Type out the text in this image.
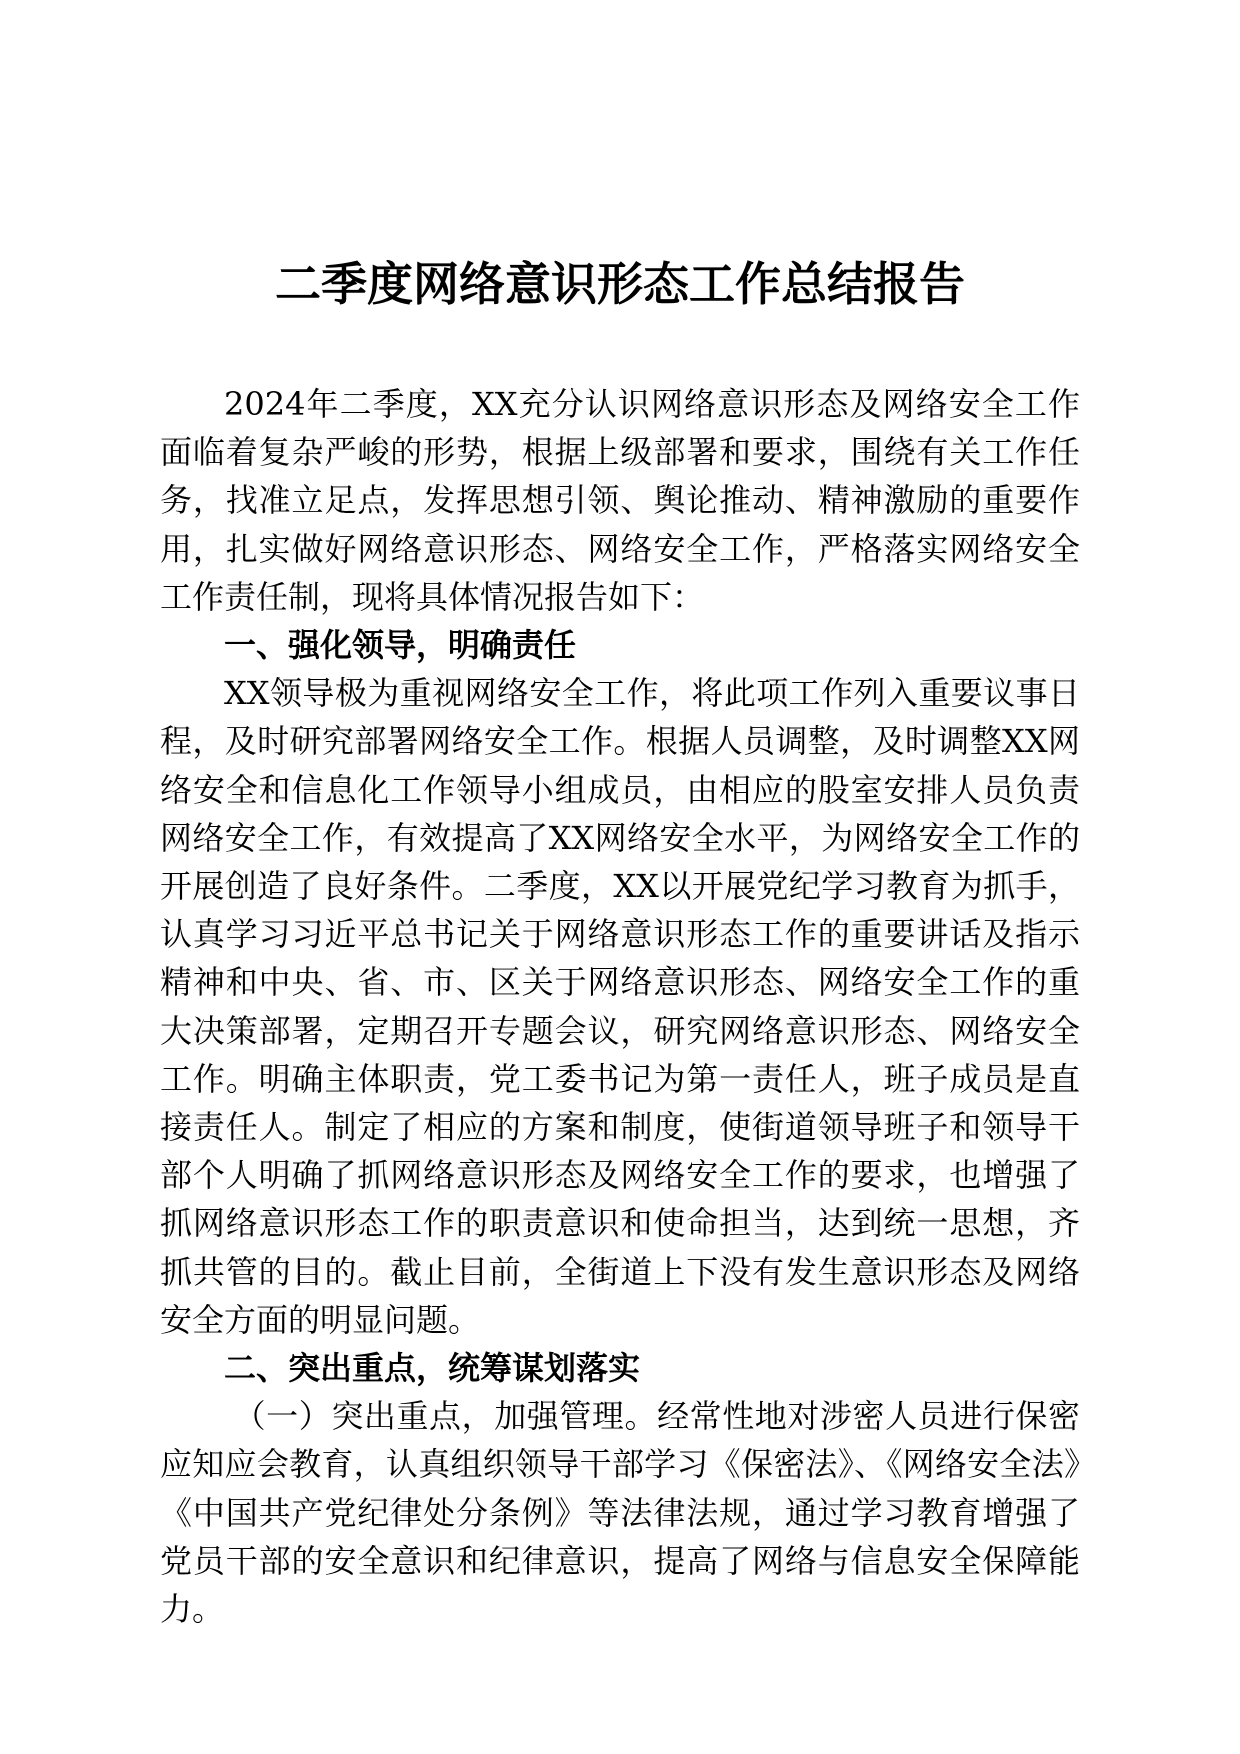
二季度网络意识形态工作总结报告

2024年二季度，XX充分认识网络意识形态及网络安全工作面临着复杂严峻的形势，根据上级部署和要求，围绕有关工作任务，找准立足点，发挥思想引领、舆论推动、精神激励的重要作用，扎实做好网络意识形态、网络安全工作，严格落实网络安全工作责任制，现将具体情况报告如下：

一、强化领导，明确责任

XX领导极为重视网络安全工作，将此项工作列入重要议事日程，及时研究部署网络安全工作。根据人员调整，及时调整XX网络安全和信息化工作领导小组成员，由相应的股室安排人员负责网络安全工作，有效提高了XX网络安全水平，为网络安全工作的开展创造了良好条件。二季度，XX以开展党纪学习教育为抓手，认真学习习近平总书记关于网络意识形态工作的重要讲话及指示精神和中央、省、市、区关于网络意识形态、网络安全工作的重大决策部署，定期召开专题会议，研究网络意识形态、网络安全工作。明确主体职责，党工委书记为第一责任人，班子成员是直接责任人。制定了相应的方案和制度，使街道领导班子和领导干部个人明确了抓网络意识形态及网络安全工作的要求，也增强了抓网络意识形态工作的职责意识和使命担当，达到统一思想，齐抓共管的目的。截止目前，全街道上下没有发生意识形态及网络安全方面的明显问题。

二、突出重点，统筹谋划落实

（一）突出重点，加强管理。经常性地对涉密人员进行保密应知应会教育，认真组织领导干部学习《保密法》、《网络安全法》《中国共产党纪律处分条例》等法律法规，通过学习教育增强了党员干部的安全意识和纪律意识，提高了网络与信息安全保障能力。
